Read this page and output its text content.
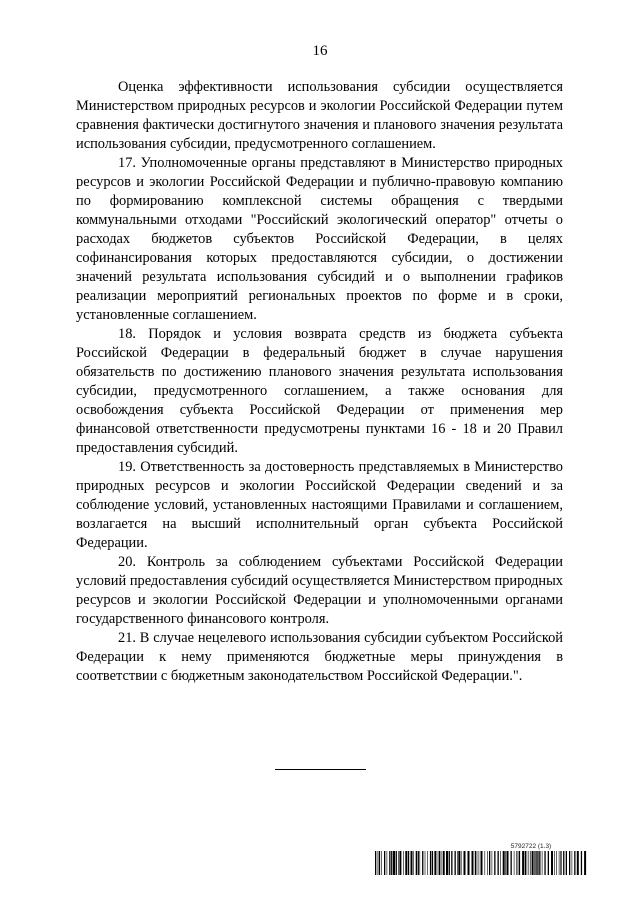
16

Оценка эффективности использования субсидии осуществляется Министерством природных ресурсов и экологии Российской Федерации путем сравнения фактически достигнутого значения и планового значения результата использования субсидии, предусмотренного соглашением.

17. Уполномоченные органы представляют в Министерство природных ресурсов и экологии Российской Федерации и публично-правовую компанию по формированию комплексной системы обращения с твердыми коммунальными отходами "Российский экологический оператор" отчеты о расходах бюджетов субъектов Российской Федерации, в целях софинансирования которых предоставляются субсидии, о достижении значений результата использования субсидий и о выполнении графиков реализации мероприятий региональных проектов по форме и в сроки, установленные соглашением.

18. Порядок и условия возврата средств из бюджета субъекта Российской Федерации в федеральный бюджет в случае нарушения обязательств по достижению планового значения результата использования субсидии, предусмотренного соглашением, а также основания для освобождения субъекта Российской Федерации от применения мер финансовой ответственности предусмотрены пунктами 16 - 18 и 20 Правил предоставления субсидий.

19. Ответственность за достоверность представляемых в Министерство природных ресурсов и экологии Российской Федерации сведений и за соблюдение условий, установленных настоящими Правилами и соглашением, возлагается на высший исполнительный орган субъекта Российской Федерации.

20. Контроль за соблюдением субъектами Российской Федерации условий предоставления субсидий осуществляется Министерством природных ресурсов и экологии Российской Федерации и уполномоченными органами государственного финансового контроля.

21. В случае нецелевого использования субсидии субъектом Российской Федерации к нему применяются бюджетные меры принуждения в соответствии с бюджетным законодательством Российской Федерации.".

5792722 (1.3)
